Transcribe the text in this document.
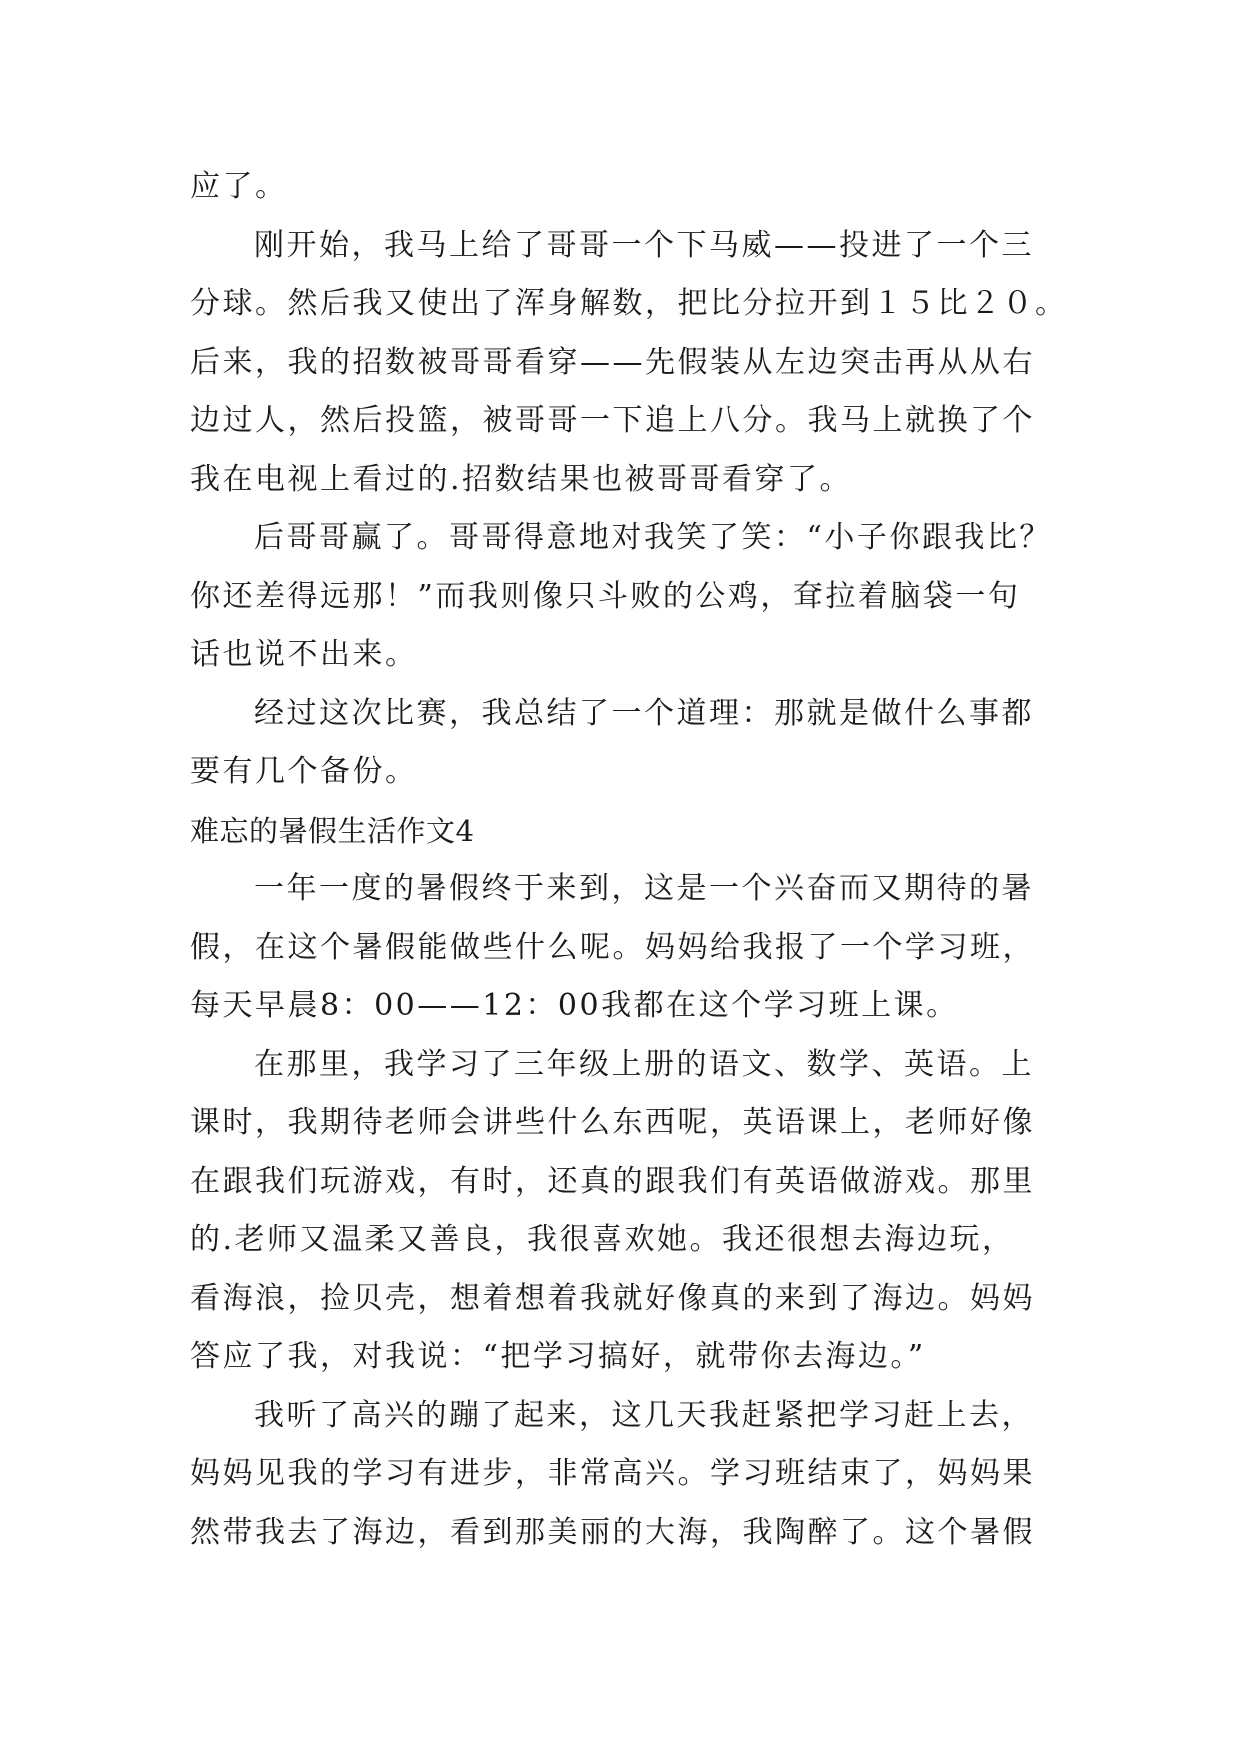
应了。
刚开始，我马上给了哥哥一个下马威——投进了一个三
分球。然后我又使出了浑身解数，把比分拉开到１５比２０。
后来，我的招数被哥哥看穿——先假装从左边突击再从从右
边过人，然后投篮，被哥哥一下追上八分。我马上就换了个
我在电视上看过的.招数结果也被哥哥看穿了。
后哥哥赢了。哥哥得意地对我笑了笑：“小子你跟我比？
你还差得远那！”而我则像只斗败的公鸡，耷拉着脑袋一句
话也说不出来。
经过这次比赛，我总结了一个道理：那就是做什么事都
要有几个备份。
难忘的暑假生活作文4
一年一度的暑假终于来到，这是一个兴奋而又期待的暑
假，在这个暑假能做些什么呢。妈妈给我报了一个学习班，
每天早晨8：00——12：00我都在这个学习班上课。
在那里，我学习了三年级上册的语文、数学、英语。上
课时，我期待老师会讲些什么东西呢，英语课上，老师好像
在跟我们玩游戏，有时，还真的跟我们有英语做游戏。那里
的.老师又温柔又善良，我很喜欢她。我还很想去海边玩，
看海浪，捡贝壳，想着想着我就好像真的来到了海边。妈妈
答应了我，对我说：“把学习搞好，就带你去海边。”
我听了高兴的蹦了起来，这几天我赶紧把学习赶上去，
妈妈见我的学习有进步，非常高兴。学习班结束了，妈妈果
然带我去了海边，看到那美丽的大海，我陶醉了。这个暑假
